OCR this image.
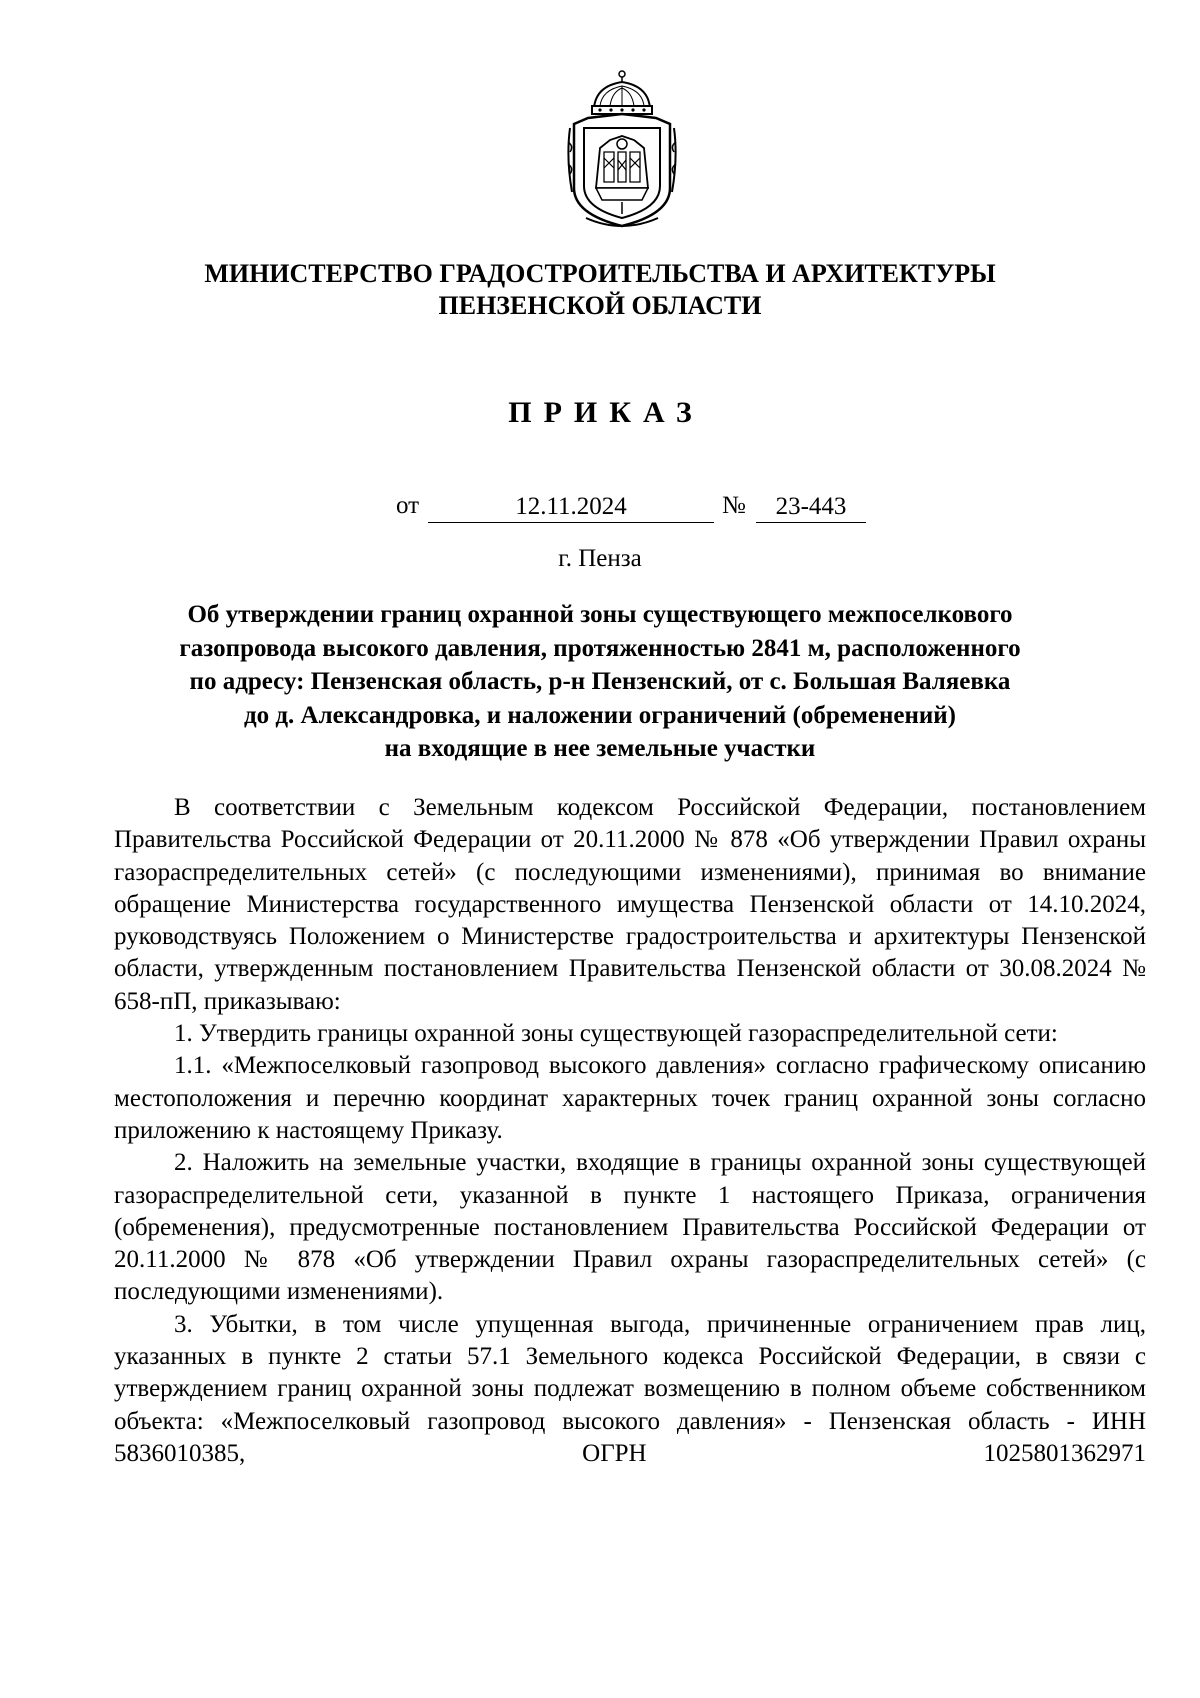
МИНИСТЕРСТВО ГРАДОСТРОИТЕЛЬСТВА И АРХИТЕКТУРЫ
ПЕНЗЕНСКОЙ ОБЛАСТИ
ПРИКАЗ
от	12.11.2024	№	23-443
г. Пенза
Об утверждении границ охранной зоны существующего межпоселкового
газопровода высокого давления, протяженностью 2841 м, расположенного
по адресу: Пензенская область, р-н Пензенский, от с. Большая Валяевка
до д. Александровка, и наложении ограничений (обременений)
на входящие в нее земельные участки

В соответствии с Земельным кодексом Российской Федерации, постановлением Правительства Российской Федерации от 20.11.2000 № 878 «Об утверждении Правил охраны газораспределительных сетей» (с последующими изменениями), принимая во внимание обращение Министерства государственного имущества Пензенской области от 14.10.2024, руководствуясь Положением о Министерстве градостроительства и архитектуры Пензенской области, утвержденным постановлением Правительства Пензенской области от 30.08.2024 № 658-пП, приказываю:

1. Утвердить границы охранной зоны существующей газораспределительной сети:

1.1. «Межпоселковый газопровод высокого давления» согласно графическому описанию местоположения и перечню координат характерных точек границ охранной зоны согласно приложению к настоящему Приказу.

2. Наложить на земельные участки, входящие в границы охранной зоны существующей газораспределительной сети, указанной в пункте 1 настоящего Приказа, ограничения (обременения), предусмотренные постановлением Правительства Российской Федерации от 20.11.2000 № 878 «Об утверждении Правил охраны газораспределительных сетей» (с последующими изменениями).

3. Убытки, в том числе упущенная выгода, причиненные ограничением прав лиц, указанных в пункте 2 статьи 57.1 Земельного кодекса Российской Федерации, в связи с утверждением границ охранной зоны подлежат возмещению в полном объеме собственником объекта: «Межпоселковый газопровод высокого давления» - Пензенская область - ИНН 5836010385, ОГРН 1025801362971
